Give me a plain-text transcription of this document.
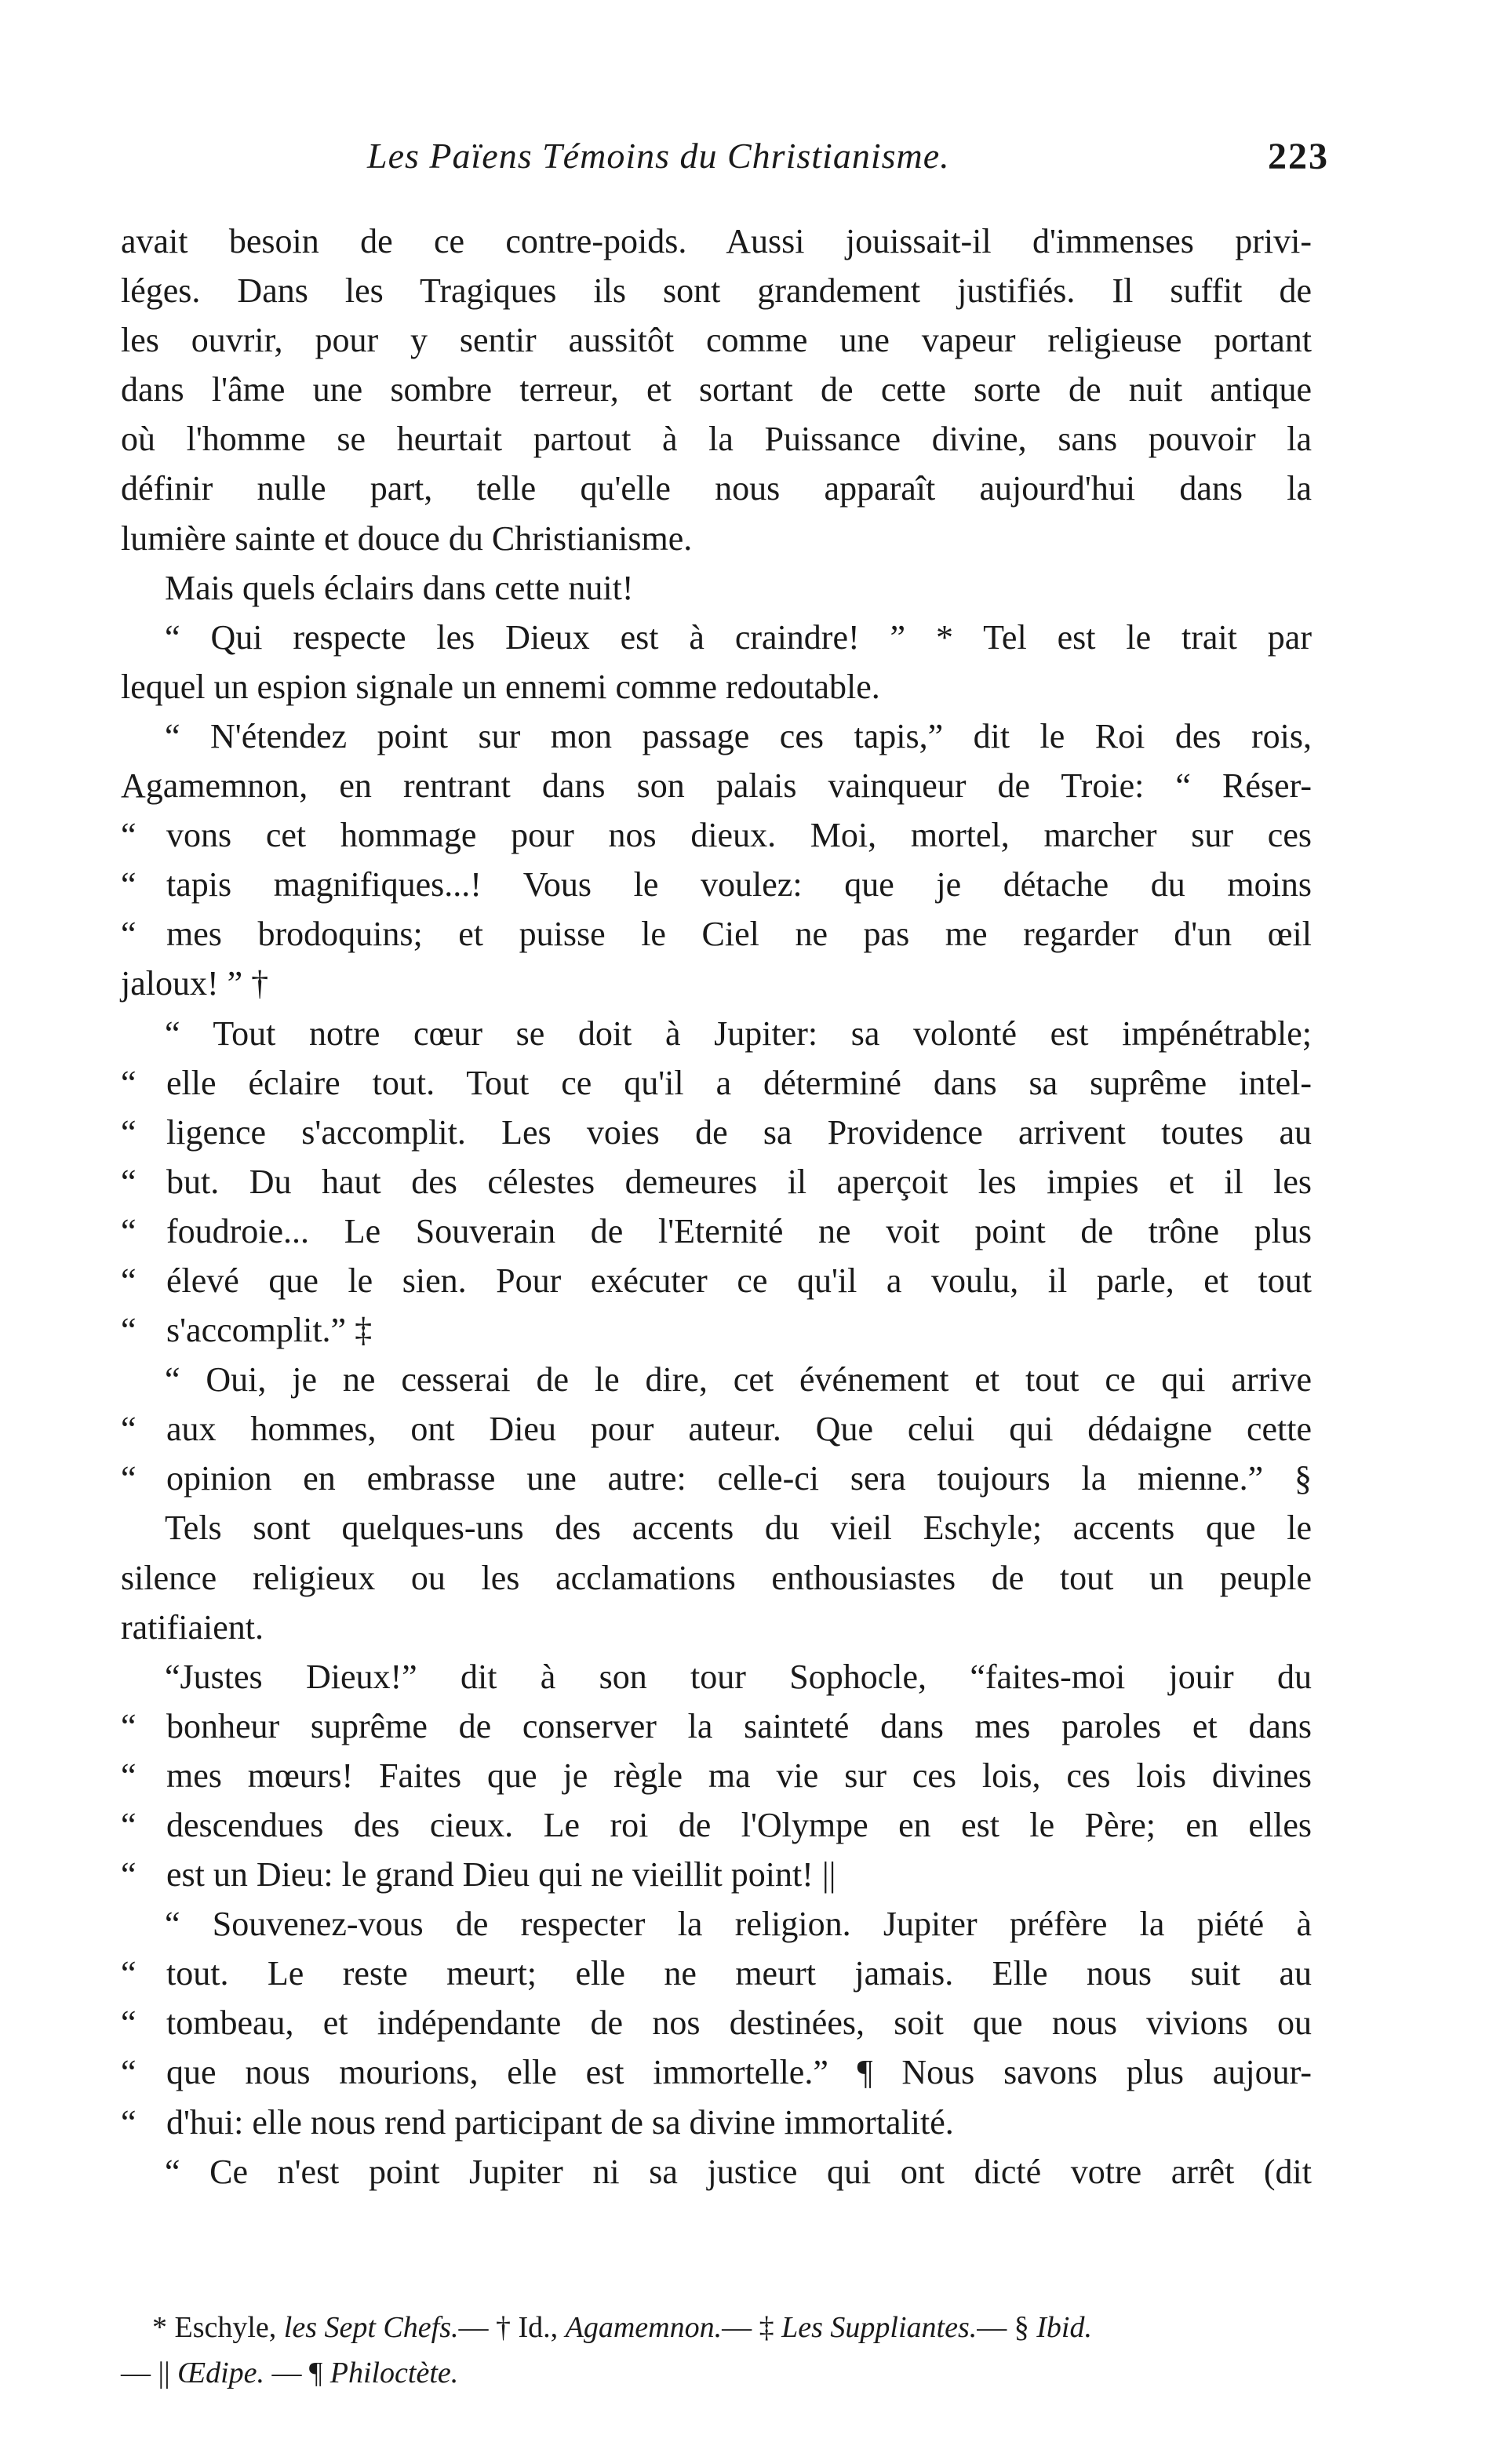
Les Païens Témoins du Christianisme.	223
avait besoin de ce contre-poids. Aussi jouissait-il d'immenses privi-
léges. Dans les Tragiques ils sont grandement justifiés. Il suffit de
les ouvrir, pour y sentir aussitôt comme une vapeur religieuse portant
dans l'âme une sombre terreur, et sortant de cette sorte de nuit antique
où l'homme se heurtait partout à la Puissance divine, sans pouvoir la
définir nulle part, telle qu'elle nous apparaît aujourd'hui dans la
lumière sainte et douce du Christianisme.
Mais quels éclairs dans cette nuit!
“ Qui respecte les Dieux est à craindre! ” * Tel est le trait par
lequel un espion signale un ennemi comme redoutable.
“ N'étendez point sur mon passage ces tapis,” dit le Roi des rois,
Agamemnon, en rentrant dans son palais vainqueur de Troie: “ Réser-
“ vons cet hommage pour nos dieux. Moi, mortel, marcher sur ces
“ tapis magnifiques...! Vous le voulez: que je détache du moins
“ mes brodoquins; et puisse le Ciel ne pas me regarder d'un œil
jaloux! ” †
“ Tout notre cœur se doit à Jupiter: sa volonté est impénétrable;
“ elle éclaire tout. Tout ce qu'il a déterminé dans sa suprême intel-
“ ligence s'accomplit. Les voies de sa Providence arrivent toutes au
“ but. Du haut des célestes demeures il aperçoit les impies et il les
“ foudroie... Le Souverain de l'Eternité ne voit point de trône plus
“ élevé que le sien. Pour exécuter ce qu'il a voulu, il parle, et tout
“ s'accomplit.” ‡
“ Oui, je ne cesserai de le dire, cet événement et tout ce qui arrive
“ aux hommes, ont Dieu pour auteur. Que celui qui dédaigne cette
“ opinion en embrasse une autre: celle-ci sera toujours la mienne.” §
Tels sont quelques-uns des accents du vieil Eschyle; accents que le
silence religieux ou les acclamations enthousiastes de tout un peuple
ratifiaient.
“Justes Dieux!” dit à son tour Sophocle, “faites-moi jouir du
“ bonheur suprême de conserver la sainteté dans mes paroles et dans
“ mes mœurs! Faites que je règle ma vie sur ces lois, ces lois divines
“ descendues des cieux. Le roi de l'Olympe en est le Père; en elles
“ est un Dieu: le grand Dieu qui ne vieillit point! ||
“ Souvenez-vous de respecter la religion. Jupiter préfère la piété à
“ tout. Le reste meurt; elle ne meurt jamais. Elle nous suit au
“ tombeau, et indépendante de nos destinées, soit que nous vivions ou
“ que nous mourions, elle est immortelle.” ¶ Nous savons plus aujour-
“ d'hui: elle nous rend participant de sa divine immortalité.
“ Ce n'est point Jupiter ni sa justice qui ont dicté votre arrêt (dit
* Eschyle, les Sept Chefs.— † Id., Agamemnon.— ‡ Les Suppliantes.— § Ibid.
— || Œdipe. — ¶ Philoctète.
